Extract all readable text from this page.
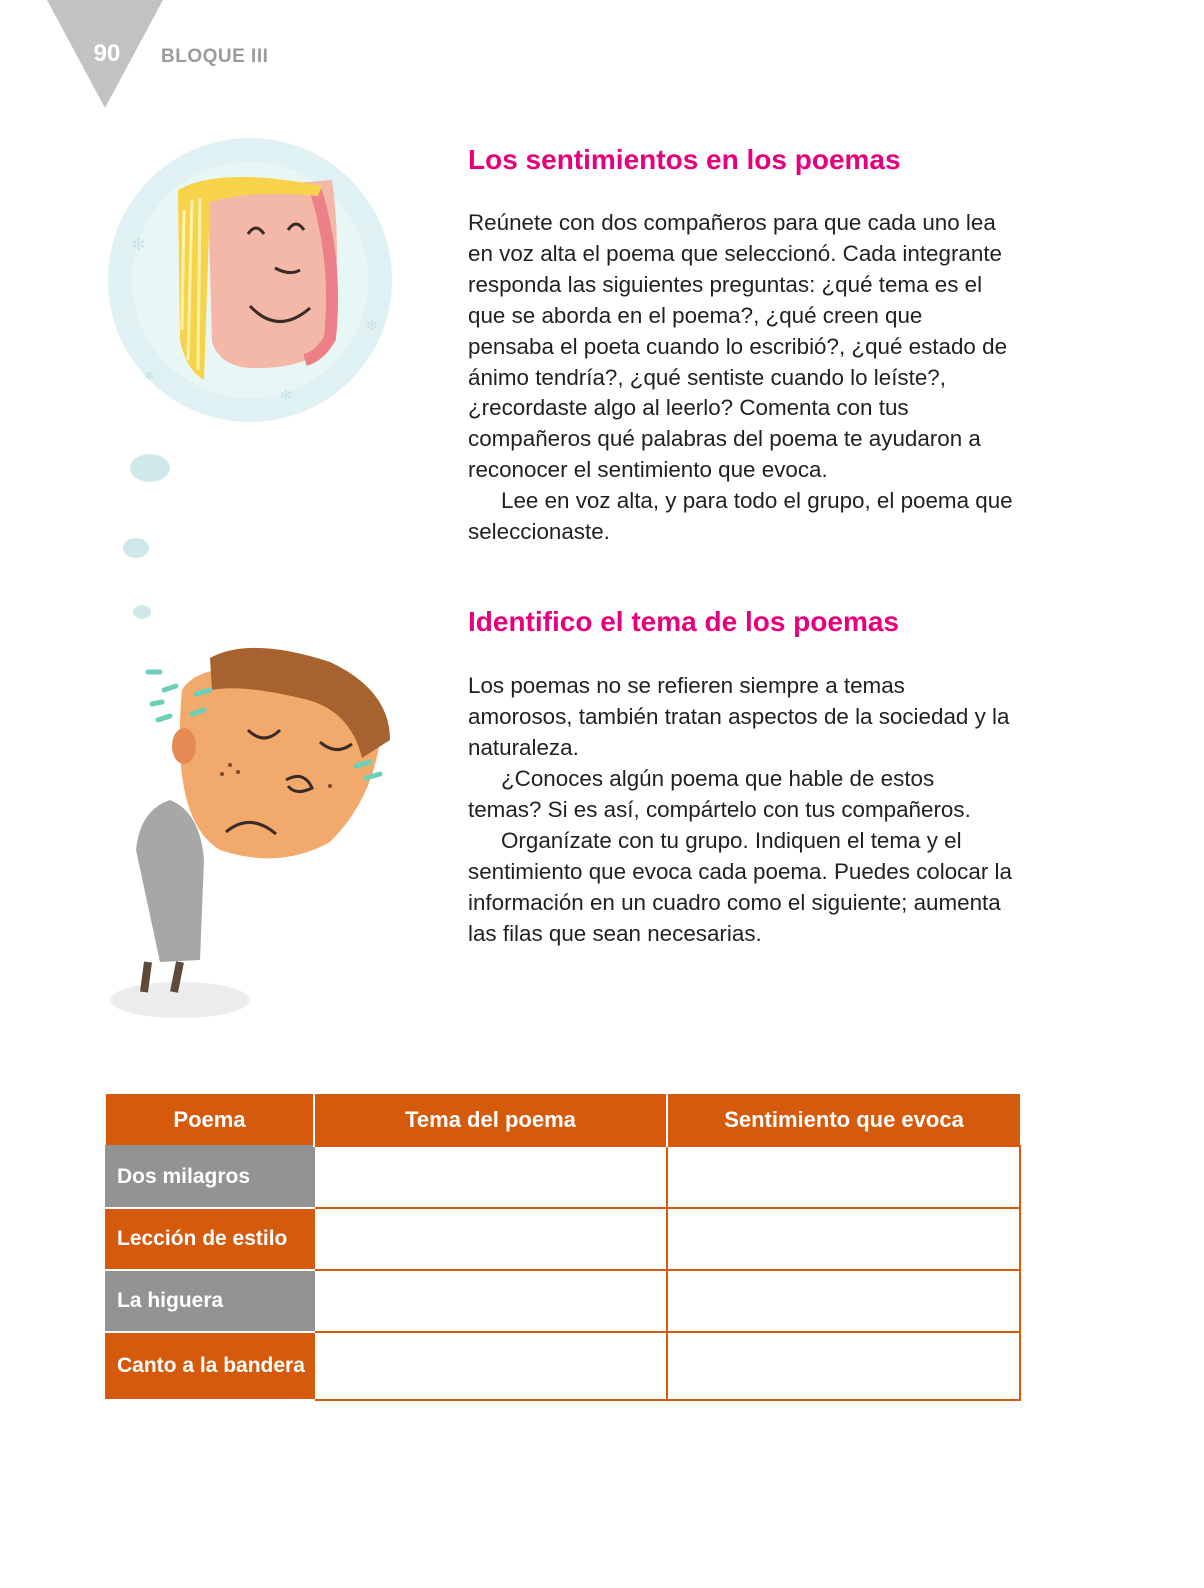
90 BLOQUE III
✻
✻
✻
✻
Los sentimientos en los poemas

Reúnete con dos compañeros para que cada uno lea en voz alta el poema que seleccionó. Cada integrante responda las siguientes preguntas: ¿qué tema es el que se aborda en el poema?, ¿qué creen que pensaba el poeta cuando lo escribió?, ¿qué estado de ánimo tendría?, ¿qué sentiste cuando lo leíste?, ¿recordaste algo al leerlo? Comenta con tus compañeros qué palabras del poema te ayudaron a reconocer el sentimiento que evoca.

Lee en voz alta, y para todo el grupo, el poema que seleccionaste.

Identifico el tema de los poemas

Los poemas no se refieren siempre a temas amorosos, también tratan aspectos de la sociedad y la naturaleza.

¿Conoces algún poema que hable de estos temas? Si es así, compártelo con tus compañeros.

Organízate con tu grupo. Indiquen el tema y el sentimiento que evoca cada poema. Puedes colocar la información en un cuadro como el siguiente; aumenta las filas que sean necesarias.

Poema	Tema del poema	Sentimiento que evoca
Dos milagros		
Lección de estilo		
La higuera		
Canto a la bandera		
